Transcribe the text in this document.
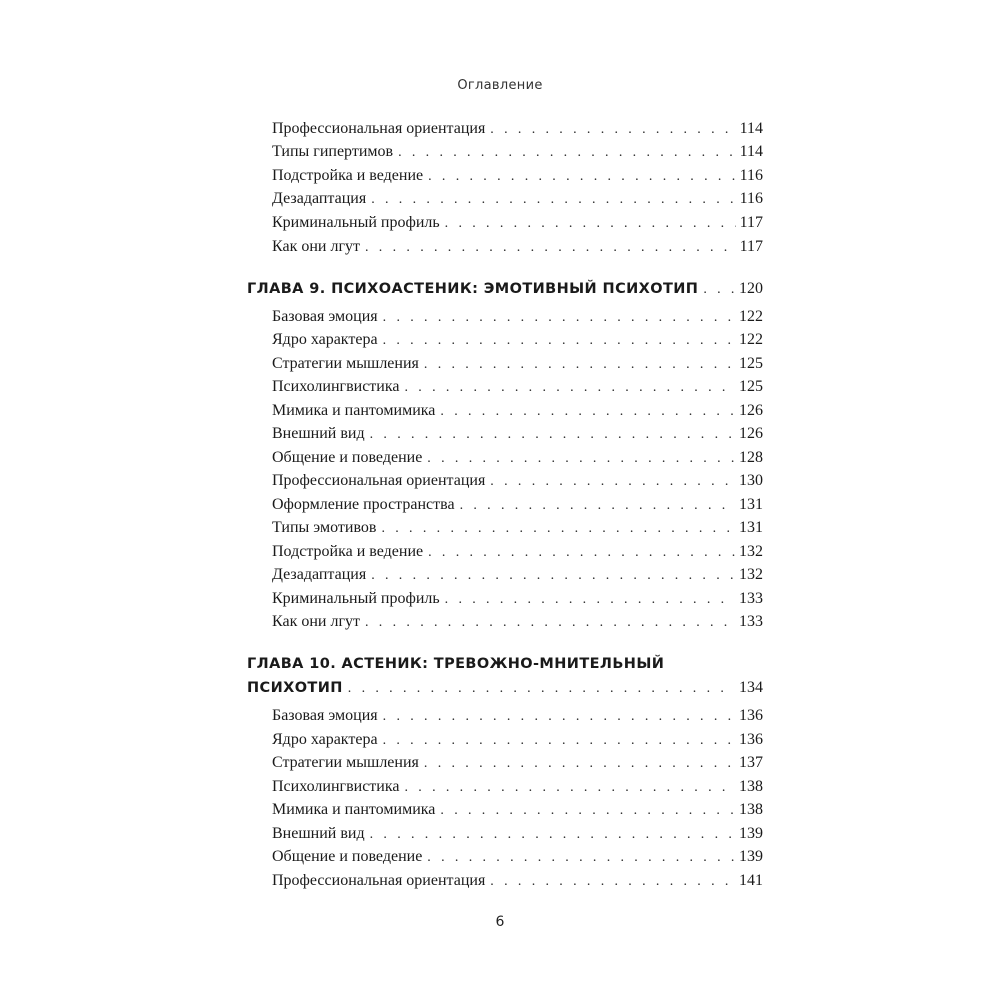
Оглавление
Профессиональная ориентация . . .	114
Типы гипертимов . . .	114
Подстройка и ведение . . .	116
Дезадаптация . . .	116
Криминальный профиль . . .	117
Как они лгут . . .	117
ГЛАВА 9. ПСИХОАСТЕНИК: ЭМОТИВНЫЙ ПСИХОТИП . . .	120
Базовая эмоция . . .	122
Ядро характера . . .	122
Стратегии мышления . . .	125
Психолингвистика . . .	125
Мимика и пантомимика . . .	126
Внешний вид . . .	126
Общение и поведение . . .	128
Профессиональная ориентация . . .	130
Оформление пространства . . .	131
Типы эмотивов . . .	131
Подстройка и ведение . . .	132
Дезадаптация . . .	132
Криминальный профиль . . .	133
Как они лгут . . .	133
ГЛАВА 10. АСТЕНИК: ТРЕВОЖНО-МНИТЕЛЬНЫЙ
ПСИХОТИП . . .	134
Базовая эмоция . . .	136
Ядро характера . . .	136
Стратегии мышления . . .	137
Психолингвистика . . .	138
Мимика и пантомимика . . .	138
Внешний вид . . .	139
Общение и поведение . . .	139
Профессиональная ориентация . . .	141
6
